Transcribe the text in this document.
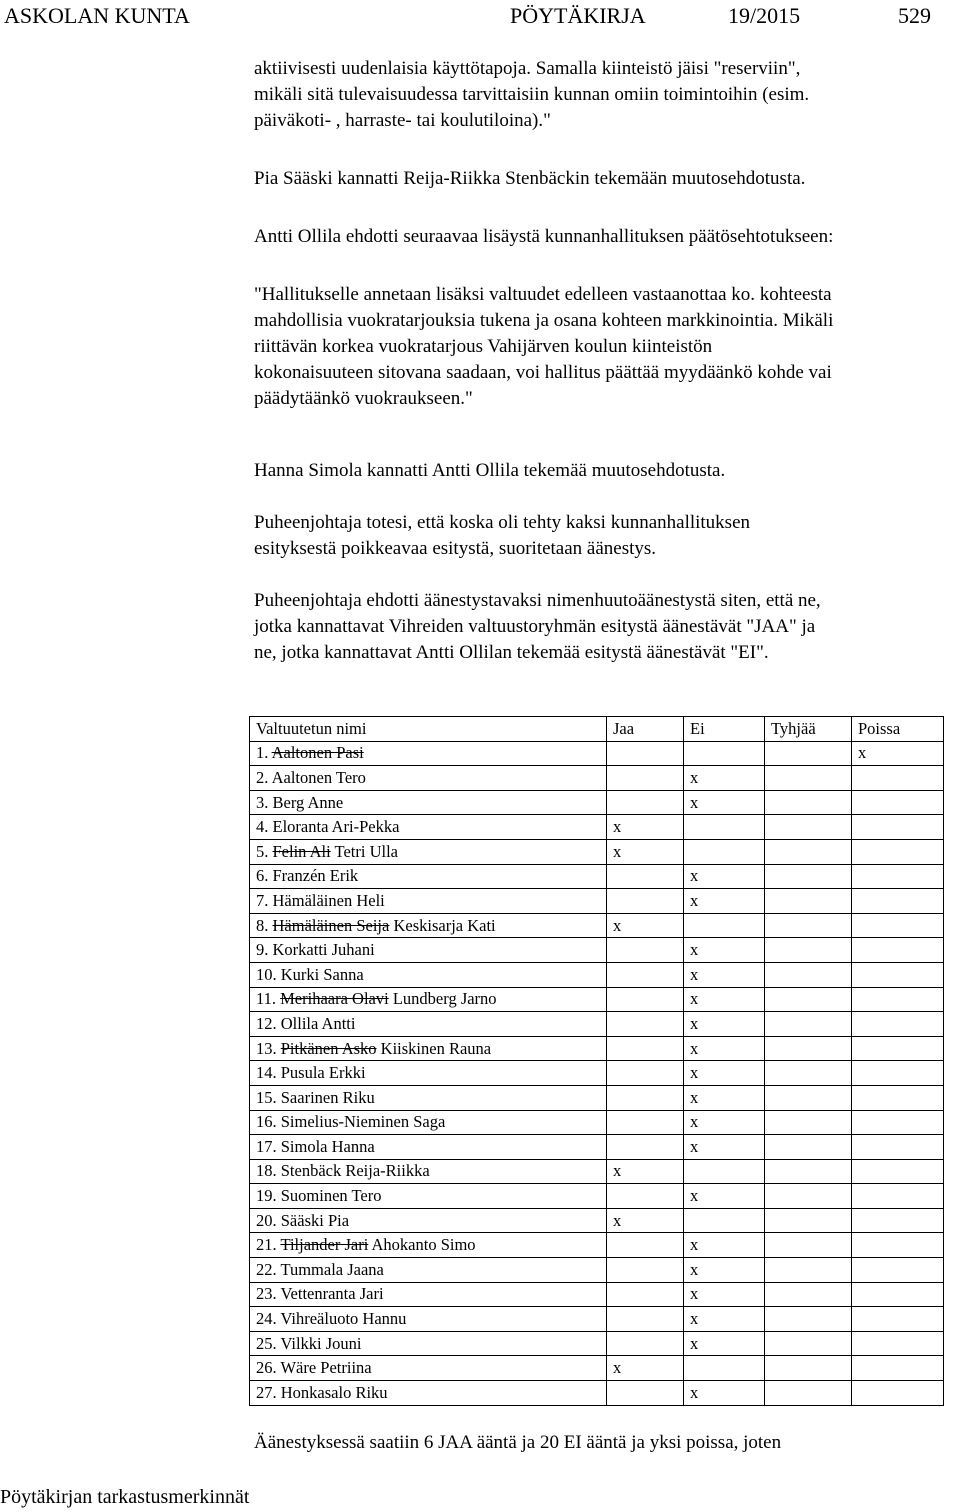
ASKOLAN KUNTA	PÖYTÄKIRJA	19/2015	529

aktiivisesti uudenlaisia käyttötapoja. Samalla kiinteistö jäisi "reserviin",

mikäli sitä tulevaisuudessa tarvittaisiin kunnan omiin toimintoihin (esim.

päiväkoti- , harraste- tai koulutiloina)."

Pia Sääski kannatti Reija-Riikka Stenbäckin tekemään muutosehdotusta.

Antti Ollila ehdotti seuraavaa lisäystä kunnanhallituksen päätösehtotukseen:

"Hallitukselle annetaan lisäksi valtuudet edelleen vastaanottaa ko. kohteesta

mahdollisia vuokratarjouksia tukena ja osana kohteen markkinointia. Mikäli

riittävän korkea vuokratarjous Vahijärven koulun kiinteistön

kokonaisuuteen sitovana saadaan, voi hallitus päättää myydäänkö kohde vai

päädytäänkö vuokraukseen."

Hanna Simola kannatti Antti Ollila tekemää muutosehdotusta.

Puheenjohtaja totesi, että koska oli tehty kaksi kunnanhallituksen

esityksestä poikkeavaa esitystä, suoritetaan äänestys.

Puheenjohtaja ehdotti äänestystavaksi nimenhuutoäänestystä siten, että ne,

jotka kannattavat Vihreiden valtuustoryhmän esitystä äänestävät "JAA" ja

ne, jotka kannattavat Antti Ollilan tekemää esitystä äänestävät "EI".

Valtuutetun nimi	Jaa	Ei	Tyhjää	Poissa
1. Aaltonen Pasi				x
2. Aaltonen Tero		x		
3. Berg Anne		x		
4. Eloranta Ari-Pekka	x			
5. Felin Ali Tetri Ulla	x			
6. Franzén Erik		x		
7. Hämäläinen Heli		x		
8. Hämäläinen Seija Keskisarja Kati	x			
9. Korkatti Juhani		x		
10. Kurki Sanna		x		
11. Merihaara Olavi Lundberg Jarno		x		
12. Ollila Antti		x		
13. Pitkänen Asko Kiiskinen Rauna		x		
14. Pusula Erkki		x		
15. Saarinen Riku		x		
16. Simelius-Nieminen Saga		x		
17. Simola Hanna		x		
18. Stenbäck Reija-Riikka	x			
19. Suominen Tero		x		
20. Sääski Pia	x			
21. Tiljander Jari Ahokanto Simo		x		
22. Tummala Jaana		x		
23. Vettenranta Jari		x		
24. Vihreäluoto Hannu		x		
25. Vilkki Jouni		x		
26. Wäre Petriina	x			
27. Honkasalo Riku		x		
Äänestyksessä saatiin 6 JAA ääntä ja 20 EI ääntä ja yksi poissa, joten
Pöytäkirjan tarkastusmerkinnät
